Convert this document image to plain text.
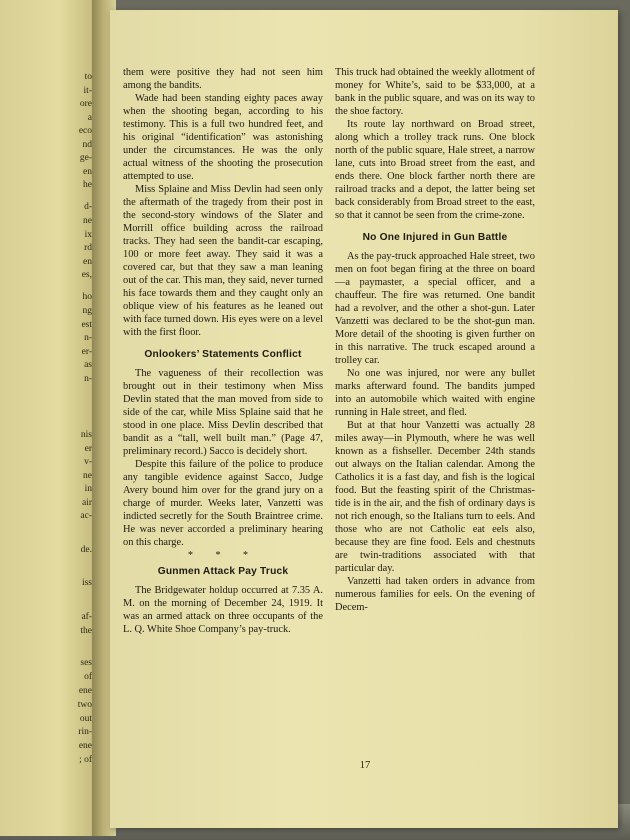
to
it-
ore
a
eco
nd
ge-
en
he
d-
ne
ix
rd
en
es,
ho
ng
est
n-
er-
as
n-
nis
er
v-
ne
in
air
ac-
de.
iss
af-
the
ses
of
ene
two
out
rin-
ene
; of

them were positive they had not seen him among the bandits.

Wade had been standing eighty paces away when the shooting began, according to his testimony. This is a full two hundred feet, and his original “identification” was astonishing under the circumstances. He was the only actual witness of the shooting the prosecution attempted to use.

Miss Splaine and Miss Devlin had seen only the aftermath of the tragedy from their post in the second-story windows of the Slater and Morrill office building across the railroad tracks. They had seen the bandit-car escaping, 100 or more feet away. They said it was a covered car, but that they saw a man leaning out of the car. This man, they said, never turned his face towards them and they caught only an oblique view of his features as he leaned out with face turned down. His eyes were on a level with the first floor.

Onlookers’ Statements Conflict

The vagueness of their recollection was brought out in their testimony when Miss Devlin stated that the man moved from side to side of the car, while Miss Splaine said that he stood in one place. Miss Devlin described that bandit as a “tall, well built man.” (Page 47, preliminary record.) Sacco is decidely short.

Despite this failure of the police to produce any tangible evidence against Sacco, Judge Avery bound him over for the grand jury on a charge of murder. Weeks later, Vanzetti was indicted secretly for the South Braintree crime. He was never accorded a preliminary hearing on this charge.

* * *
Gunmen Attack Pay Truck

The Bridgewater holdup occurred at 7.35 A. M. on the morning of December 24, 1919. It was an armed attack on three occupants of the L. Q. White Shoe Company’s pay-truck.

This truck had obtained the weekly allotment of money for White’s, said to be $33,000, at a bank in the public square, and was on its way to the shoe factory.

Its route lay northward on Broad street, along which a trolley track runs. One block north of the public square, Hale street, a narrow lane, cuts into Broad street from the east, and ends there. One block farther north there are railroad tracks and a depot, the latter being set back considerably from Broad street to the east, so that it cannot be seen from the crime-zone.

No One Injured in Gun Battle

As the pay-truck approached Hale street, two men on foot began firing at the three on board—a paymaster, a special officer, and a chauffeur. The fire was returned. One bandit had a revolver, and the other a shot-gun. Later Vanzetti was declared to be the shot-gun man. More detail of the shooting is given further on in this narrative. The truck escaped around a trolley car.

No one was injured, nor were any bullet marks afterward found. The bandits jumped into an automobile which waited with engine running in Hale street, and fled.

But at that hour Vanzetti was actually 28 miles away—in Plymouth, where he was well known as a fishseller. December 24th stands out always on the Italian calendar. Among the Catholics it is a fast day, and fish is the logical food. But the feasting spirit of the Christmas-tide is in the air, and the fish of ordinary days is not rich enough, so the Italians turn to eels. And those who are not Catholic eat eels also, because they are fine food. Eels and chestnuts are twin-traditions associated with that particular day.

Vanzetti had taken orders in advance from numerous families for eels. On the evening of Decem-

17
